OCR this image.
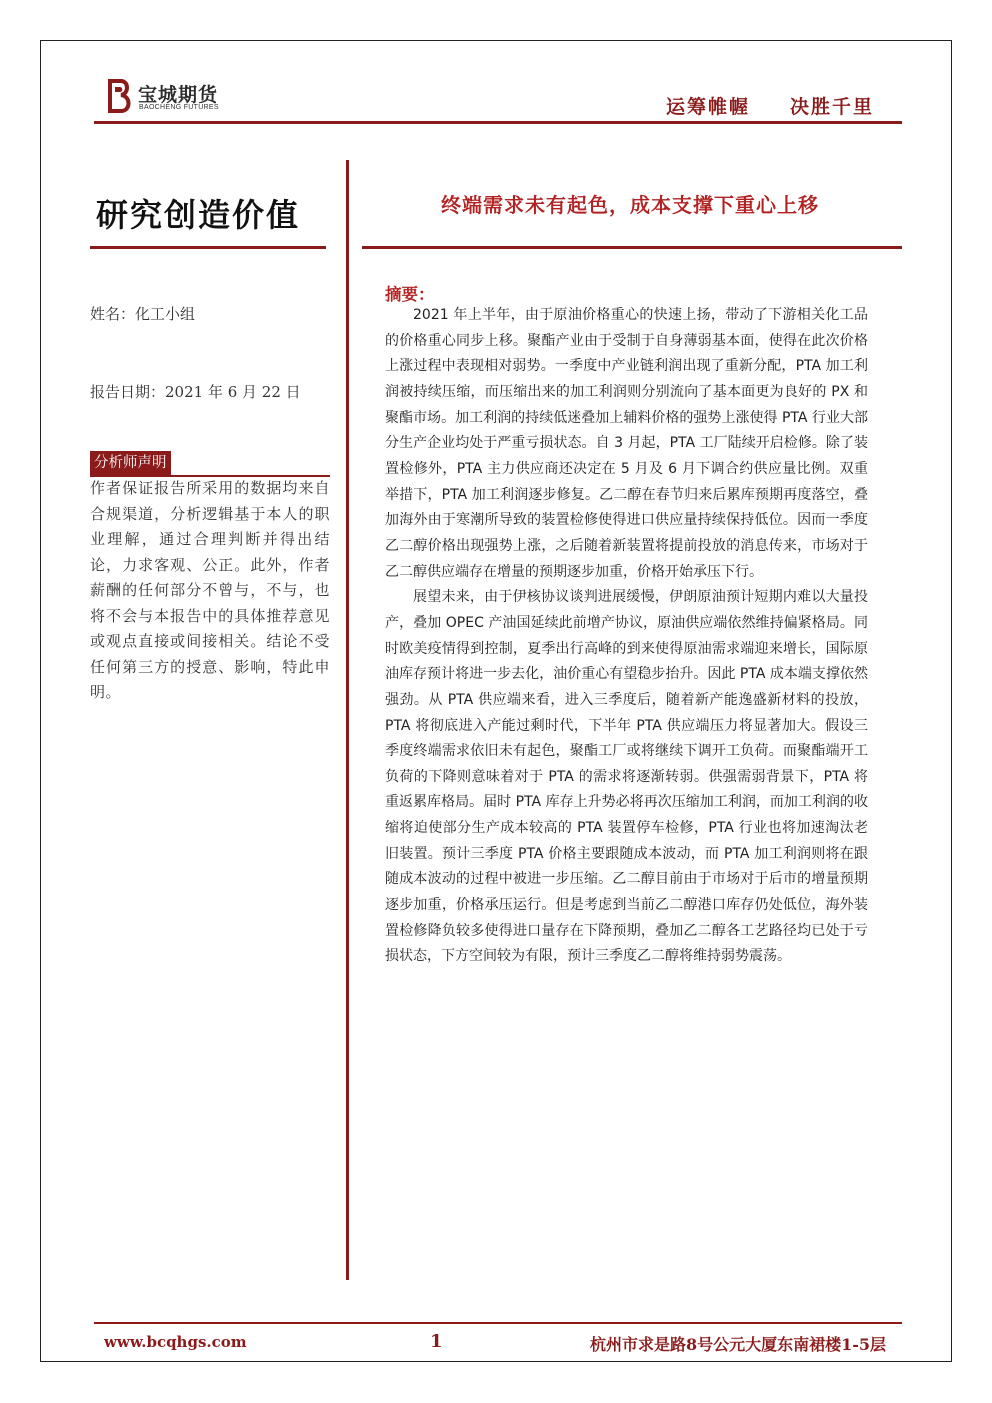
宝城期货
BAOCHENG FUTURES	运筹帷幄 决胜千里
研究创造价值	终端需求未有起色，成本支撑下重心上移
姓名：化工小组
报告日期：2021 年 6 月 22 日
分析师声明
作者保证报告所采用的数据均来自合规渠道，分析逻辑基于本人的职业理解，通过合理判断并得出结论，力求客观、公正。此外，作者薪酬的任何部分不曾与，不与，也将不会与本报告中的具体推荐意见或观点直接或间接相关。结论不受任何第三方的授意、影响，特此申明。
摘要：

2021 年上半年，由于原油价格重心的快速上扬，带动了下游相关化工品的价格重心同步上移。聚酯产业由于受制于自身薄弱基本面，使得在此次价格上涨过程中表现相对弱势。一季度中产业链利润出现了重新分配，PTA 加工利润被持续压缩，而压缩出来的加工利润则分别流向了基本面更为良好的 PX 和聚酯市场。加工利润的持续低迷叠加上辅料价格的强势上涨使得 PTA 行业大部分生产企业均处于严重亏损状态。自 3 月起，PTA 工厂陆续开启检修。除了装置检修外，PTA 主力供应商还决定在 5 月及 6 月下调合约供应量比例。双重举措下，PTA 加工利润逐步修复。乙二醇在春节归来后累库预期再度落空，叠加海外由于寒潮所导致的装置检修使得进口供应量持续保持低位。因而一季度乙二醇价格出现强势上涨，之后随着新装置将提前投放的消息传来，市场对于乙二醇供应端存在增量的预期逐步加重，价格开始承压下行。

展望未来，由于伊核协议谈判进展缓慢，伊朗原油预计短期内难以大量投产，叠加 OPEC 产油国延续此前增产协议，原油供应端依然维持偏紧格局。同时欧美疫情得到控制，夏季出行高峰的到来使得原油需求端迎来增长，国际原油库存预计将进一步去化，油价重心有望稳步抬升。因此 PTA 成本端支撑依然强劲。从 PTA 供应端来看，进入三季度后，随着新产能逸盛新材料的投放，PTA 将彻底进入产能过剩时代，下半年 PTA 供应端压力将显著加大。假设三季度终端需求依旧未有起色，聚酯工厂或将继续下调开工负荷。而聚酯端开工负荷的下降则意味着对于 PTA 的需求将逐渐转弱。供强需弱背景下，PTA 将重返累库格局。届时 PTA 库存上升势必将再次压缩加工利润，而加工利润的收缩将迫使部分生产成本较高的 PTA 装置停车检修，PTA 行业也将加速淘汰老旧装置。预计三季度 PTA 价格主要跟随成本波动，而 PTA 加工利润则将在跟随成本波动的过程中被进一步压缩。乙二醇目前由于市场对于后市的增量预期逐步加重，价格承压运行。但是考虑到当前乙二醇港口库存仍处低位，海外装置检修降负较多使得进口量存在下降预期，叠加乙二醇各工艺路径均已处于亏损状态，下方空间较为有限，预计三季度乙二醇将维持弱势震荡。

www.bcqhgs.com	1	杭州市求是路8号公元大厦东南裙楼1-5层
